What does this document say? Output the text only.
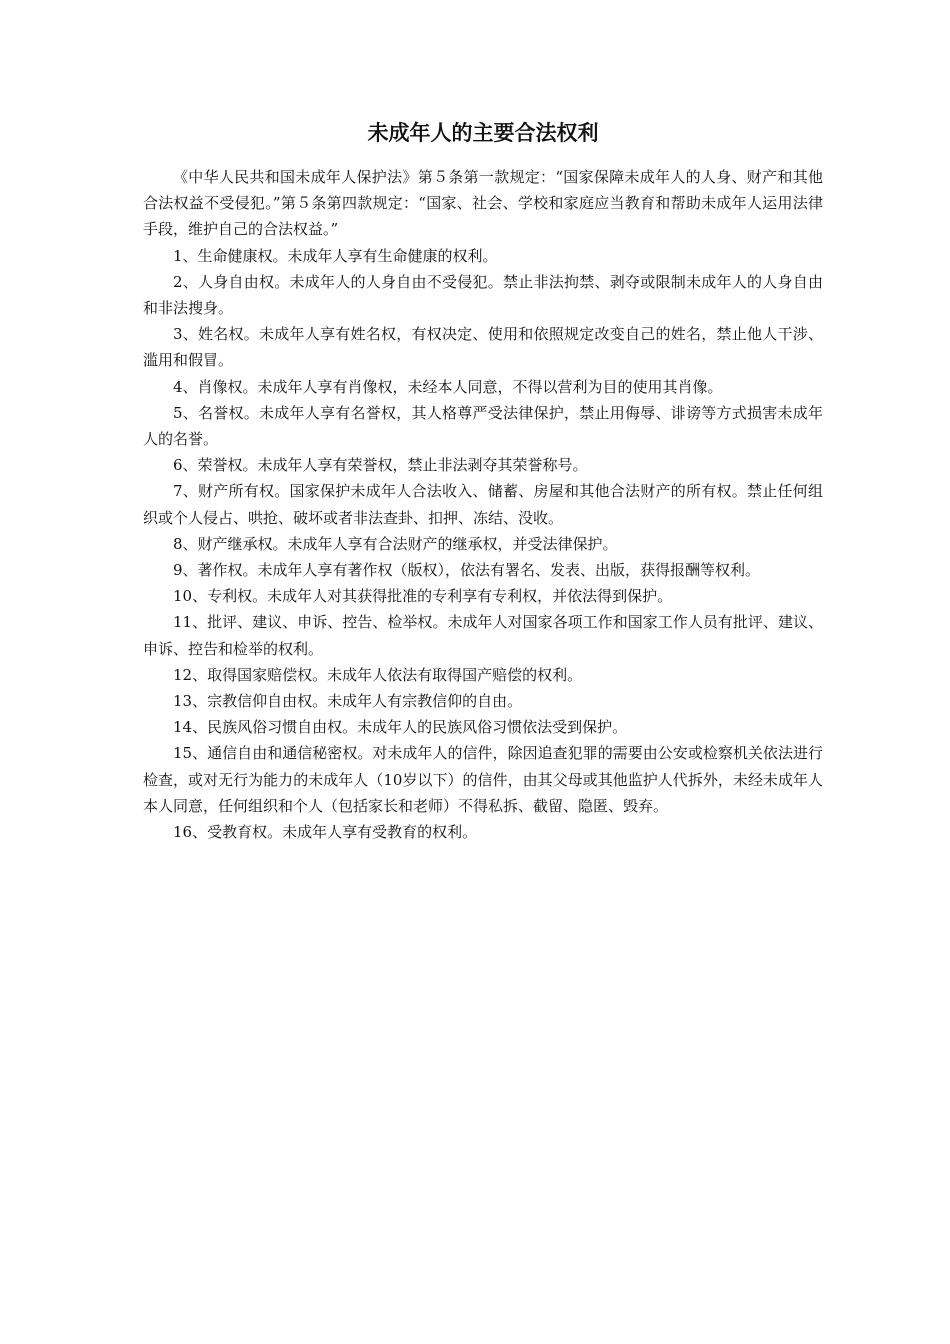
未成年人的主要合法权利

《中华人民共和国未成年人保护法》第５条第一款规定：“国家保障未成年人的人身、财产和其他合法权益不受侵犯。”第５条第四款规定：“国家、社会、学校和家庭应当教育和帮助未成年人运用法律手段，维护自己的合法权益。”

1、生命健康权。未成年人享有生命健康的权利。

2、人身自由权。未成年人的人身自由不受侵犯。禁止非法拘禁、剥夺或限制未成年人的人身自由和非法搜身。

3、姓名权。未成年人享有姓名权，有权决定、使用和依照规定改变自己的姓名，禁止他人干涉、滥用和假冒。

4、肖像权。未成年人享有肖像权，未经本人同意，不得以营利为目的使用其肖像。

5、名誉权。未成年人享有名誉权，其人格尊严受法律保护，禁止用侮辱、诽谤等方式损害未成年人的名誉。

6、荣誉权。未成年人享有荣誉权，禁止非法剥夺其荣誉称号。

7、财产所有权。国家保护未成年人合法收入、储蓄、房屋和其他合法财产的所有权。禁止任何组织或个人侵占、哄抢、破坏或者非法查卦、扣押、冻结、没收。

8、财产继承权。未成年人享有合法财产的继承权，并受法律保护。

9、著作权。未成年人享有著作权（版权），依法有署名、发表、出版，获得报酬等权利。

10、专利权。未成年人对其获得批准的专利享有专利权，并依法得到保护。

11、批评、建议、申诉、控告、检举权。未成年人对国家各项工作和国家工作人员有批评、建议、申诉、控告和检举的权利。

12、取得国家赔偿权。未成年人依法有取得国产赔偿的权利。

13、宗教信仰自由权。未成年人有宗教信仰的自由。

14、民族风俗习惯自由权。未成年人的民族风俗习惯依法受到保护。

15、通信自由和通信秘密权。对未成年人的信件，除因追查犯罪的需要由公安或检察机关依法进行检查，或对无行为能力的未成年人（10岁以下）的信件，由其父母或其他监护人代拆外，未经未成年人本人同意，任何组织和个人（包括家长和老师）不得私拆、截留、隐匿、毁弃。

16、受教育权。未成年人享有受教育的权利。
